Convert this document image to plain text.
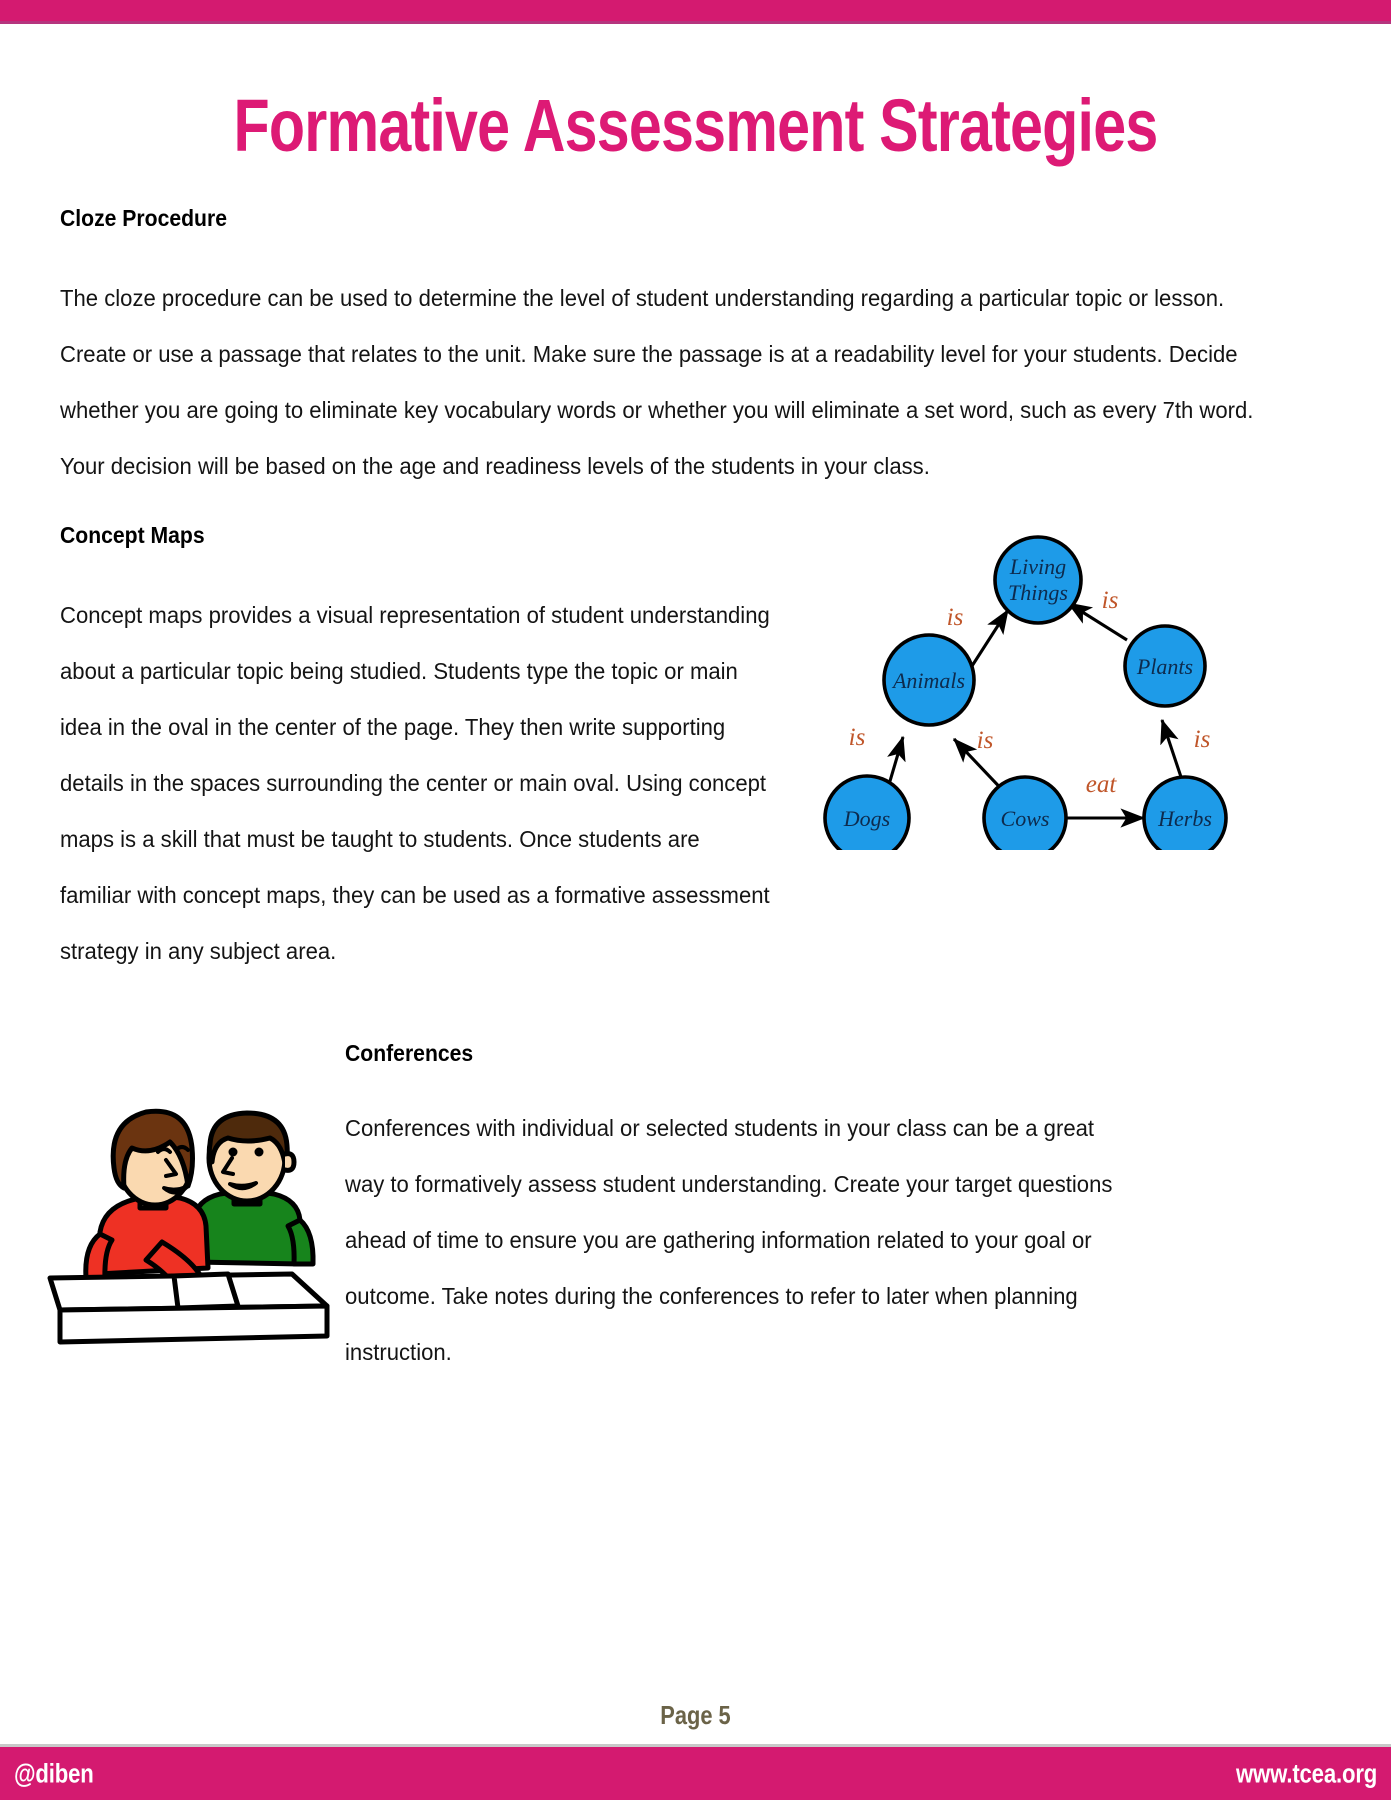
Formative Assessment Strategies
Cloze Procedure

The cloze procedure can be used to determine the level of student understanding regarding a particular topic or lesson. Create or use a passage that relates to the unit. Make sure the passage is at a readability level for your students. Decide whether you are going to eliminate key vocabulary words or whether you will eliminate a set word, such as every 7th word. Your decision will be based on the age and readiness levels of the students in your class.

Concept Maps

Concept maps provides a visual representation of student understanding about a particular topic being studied. Students type the topic or main idea in the oval in the center of the page. They then write supporting details in the spaces surrounding the center or main oval. Using concept maps is a skill that must be taught to students. Once students are familiar with concept maps, they can be used as a formative assessment strategy in any subject area.

Living
Things
Animals
Plants
Dogs	Cows	Herbs
is
is
is	is	is
eat
Conferences

Conferences with individual or selected students in your class can be a great way to formatively assess student understanding. Create your target questions ahead of time to ensure you are gathering information related to your goal or outcome. Take notes during the conferences to refer to later when planning instruction.

Page 5
@diben	www.tcea.org
